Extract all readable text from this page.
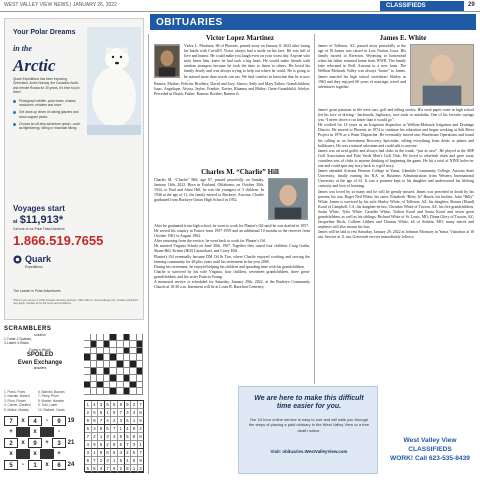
WEST VALLEY VIEW NEWS | JANUARY 26, 2022	CLASSIFIEDS	29
OBITUARIES
Your Polar Dreams
in the
Arctic
Quark Expeditions has been exploring Greenland, Arctic Norway, the Canadian Arctic and remote Russia for 30 years. It's time to join them!
Photograph wildlife: polar bears, whales, muskoxen, reindeer and more
Get close-up views of calving glaciers and snow-capped peaks
Choose an off-ship adventure option—such as flightseeing, hiking or mountain biking
Voyages start
at $11,913*
Call one of our Polar Travel Advisors
1.866.519.7655
Quark
Expeditions
The Leader in Polar Adventures
*Price is per person in USD, includes all taxes and fees. Offer valid on new bookings only. Certain restrictions may apply. Contact us for full terms and conditions.
SCRAMBLERS
solution
1.Trade 2.Spartan,
3.Latent 4.Radio
Today's Word:
SPOILED
Even Exchange
answers
1. Plank, Fines
2. Narrate, Barred
3. Flour, Flower
4. Carrier, Clarified
5. Malice, Malady
6. Balmed, Bacons
7. Piney, Prom
8. Master, Hanster
9. Trail, Laser
10. Radiant, Cards
7	x	4	-	9	19
+	x	-
2	x	9	+	3	21
x	x	+
5	-	1	x	6	24
1	4	3	5	6	8	9	2	7
2	5	6	1	9	7	3	4	8
9	8	7	4	2	3	6	1	5
6	3	8	5	7	1	4	9	2
7	2	1	3	4	9	5	8	6
4	9	5	2	8	6	7	3	1
3	1	9	8	6	4	2	5	7
8	7	2	3	1	5	4	6	9
5	6	4	7	9	2	8	1	3
Victor Lopez Martinez
Victor L. Martinez, 68 of Phoenix, passed away on January 8, 2022 after losing his battle with Covid19. Victor always had a smile on his face. He was full of love and humor. He could make you laugh even on your worst day. Anyone who truly knew him, knew he had such a big heart. He would make friends with random strangers because he took the time to listen to others. He loved his family dearly and was always trying to help out where he could. He is going to be missed more than words can say. We find comfort in knowing that he is now
Beatriz; Mother; Felicita; Brothers; David and Joey. Sisters; Sally and Mary Esther; Grandchildren; Isaac, Angelique, Alyssa, Jaylee, Frankie, Xavier, Rhianna and Rhiley; Great-Grandchild; Adelyn. Preceded in Death; Father; Ramon; Brother; Ramon Jr.
Charles M. “Charlie” Hill
Charles M. “Charlie” Hill, age 87, passed peacefully on Sunday, January 16th, 2022. Born in Fairland, Oklahoma, on October 30th, 1934, to Paul and Alma Hill, he was the youngest of 3 children. In 1946 at the age of 11, the family moved to Buckeye, Arizona. Charlie graduated from Buckeye Union High School in 1952.

After he graduated from high school, he went to work for Planter's Oil until he was drafted in 1957.

He served his country in France from 1957-1959 and an additional 10 months in the reserves from October 1961 to August 1962.

After returning from the service, he went back to work for Planter's Oil.

He married Virginia Schulz on June 30th, 1967. Together they raised four children: Craig Gatlin, Shane Hill, Kristin (Hill) Carmichael, and Corey Hill.

Planter's Oil eventually became DM Oil & Tire, where Charlie enjoyed working and serving the farming community for 48 plus years until his retirement in the year 2000.

During his retirement, he enjoyed helping his children and spending time with his grandchildren.

Charlie is survived by his wife Virginia, four children, seventeen grandchildren, three great-grandchildren, and his sister Patricia Young.

A memorial service is scheduled for Saturday, January 29th, 2022, at the Buckeye Community Church at 10:30 a.m. Interment will be at Louis B. Hazelton Cemetery.

James E. White
James of Tolleson, AZ, passed away peacefully at the age of 81.James was raised in Lost Nation, Iowa. His family moved to Riverton, Wyoming to homestead when his father returned home from WWII. The family later relocated to Roll, Arizona to a new farm. The Wellton-Mohawk Valley was always “home” to James. James married his high school sweetheart Shirley in 1963 and they enjoyed 60 years of marriage, travel and adventures together.

James' great passions in life were cars, golf and telling stories. His rural paper route in high school led his love of driving - backroads, highways, race track or autobahn. One of his favorite sayings was “I never drove a car faster than it would go”.

He worked for 14 years as an Irrigation dispatcher at Wellton-Mohawk Irrigation and Drainage District. He moved to Phoenix in 1974 to continue his education and began working at Salt River Project in 1976 as a Water Dispatcher. He eventually moved into Warehouse Operations and found his calling as an Investment Recovery Specialist, selling everything from desks to planes and bulldozers. He was a natural salesman and could talk to anyone.

James was an avid golfer and always had clubs in the trunk, “just in case”. He played at the SRP Golf Association and Palo Verde Men's Golf Club. He loved to refurbish clubs and gave away countless sets of clubs to anyone thinking of beginning the game. He hit a total of NINE holes-in-one and could spin any story back to a golf story.

James attended Arizona Western College in Yuma, Glendale Community College, Arizona State University, finally earning his B.A. in Business Administration from Western International University at the age of 61. It was a promise kept to his daughter and underscored his lifelong curiosity and love of learning.

James was loved by so many and he will be greatly missed. James was preceded in death by his parents; his son, Roger Neil White; his sister, Elizabeth “Betty Jo” Haack; his brother, John “Billy” White. James is survived by his wife Shirley White, of Tolleson, AZ; his daughter, Sharon (Eland) Koral of Campbell, CA; his daughter-in-law, Christine White of Tucson, AZ; his five grandchildren, Justin White, Tyler White, Cassidie White, Torben Koral and Sonia Koral and seven great grandchildren, as well as his siblings: Richard White of St. Louis, MO; Diana Glory of Tucson, AZ; Jacqueline Dirck, Colleen Libbert and Thomas White, all of Sedalia, MO; many nieces and nephews will also mourn his loss.

James will be laid to rest Saturday, January 29, 2022 at Johnson Mortuary in Yuma. Visitation at 10 am, Service at 11 am, Graveside service immediately follows.

We are here to make this difficult time easier for you.
Our 24 hour online service is easy to use and will walk you through the steps of placing a paid obituary in the West Valley View or a free death notice.
Visit: obituaries.WestValleyView.com
West Valley View CLASSIFIEDS
WORK! Call 623-535-8439
